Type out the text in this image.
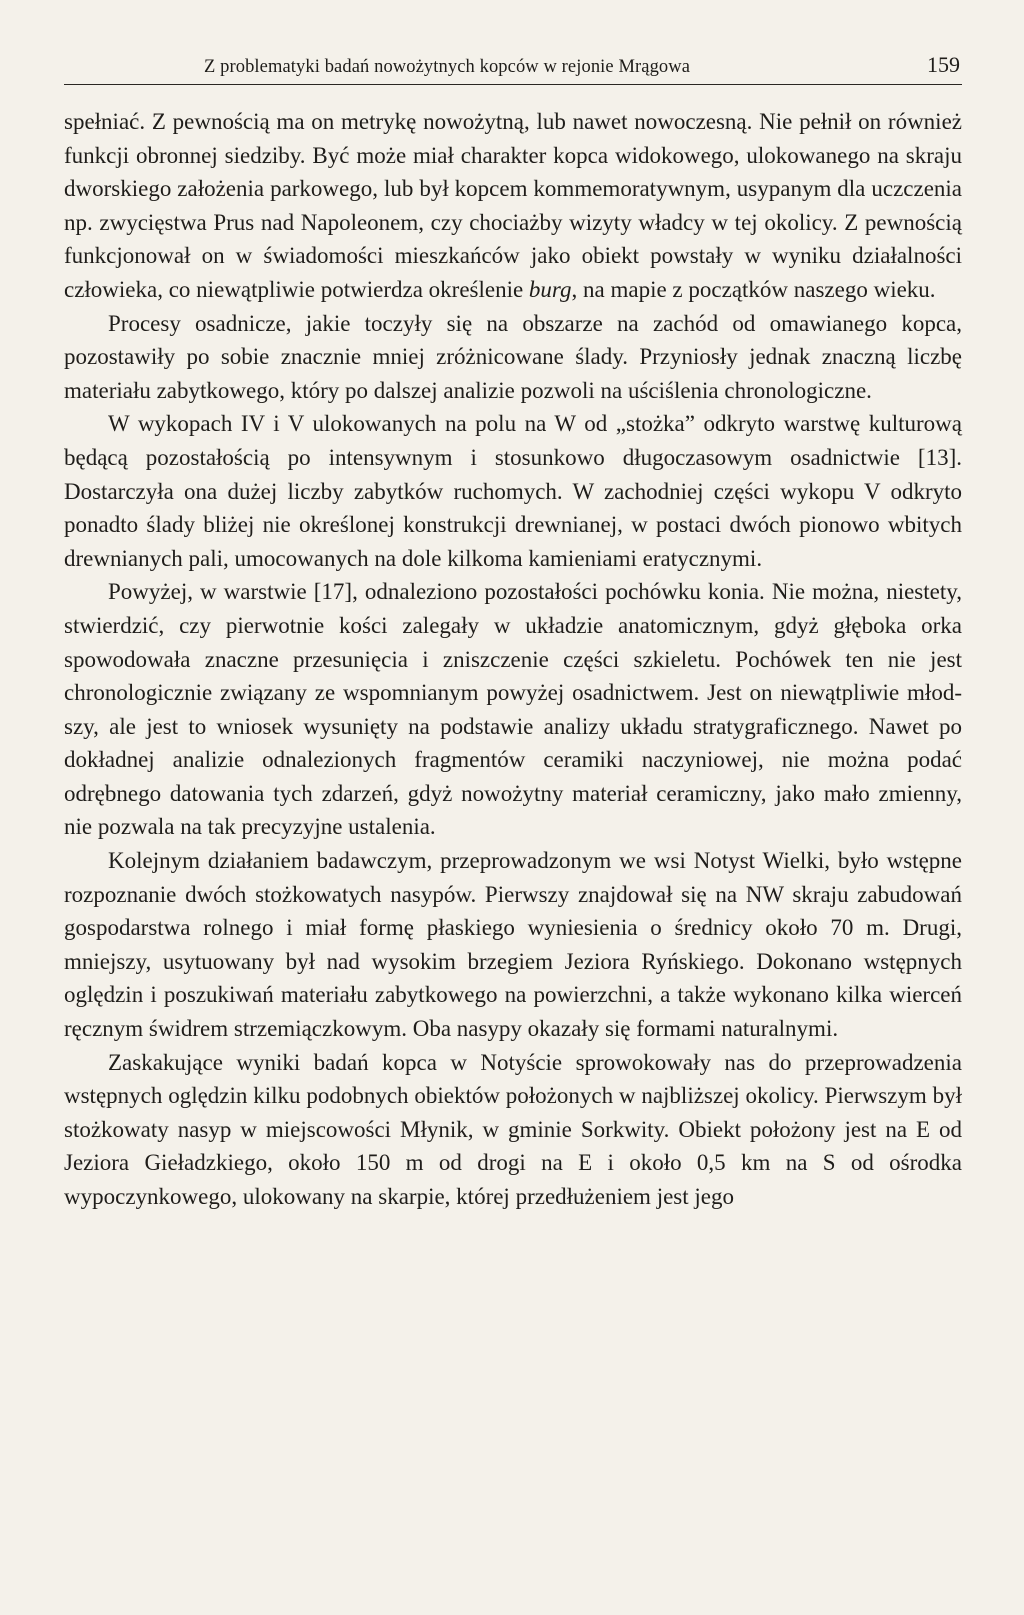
Z problematyki badań nowożytnych kopców w rejonie Mrągowa	159

spełniać. Z pewnością ma on metrykę nowożytną, lub nawet nowoczesną. Nie pełnił on również funkcji obronnej siedziby. Być może miał charakter kopca widokowego, ulokowanego na skraju dworskiego założenia parkowego, lub był kopcem kommemoratywnym, usypanym dla uczczenia np. zwycięstwa Prus nad Napoleonem, czy chociażby wizyty władcy w tej okolicy. Z pewnością funkcjonował on w świadomości mieszkańców jako obiekt powstały w wyniku działalności człowieka, co niewątpliwie potwierdza określenie burg, na mapie z początków naszego wieku.

Procesy osadnicze, jakie toczyły się na obszarze na zachód od omawianego kopca, pozostawiły po sobie znacznie mniej zróżnicowane ślady. Przyniosły jednak znaczną liczbę materiału zabytkowego, który po dalszej analizie pozwoli na uściślenia chronologiczne.

W wykopach IV i V ulokowanych na polu na W od „stożka” odkryto warstwę kulturową będącą pozostałością po intensywnym i stosunkowo długoczasowym osadnictwie [13]. Dostarczyła ona dużej liczby zabytków ruchomych. W zachodniej części wykopu V odkryto ponadto ślady bliżej nie określonej konstrukcji drewnianej, w postaci dwóch pionowo wbitych drewnianych pali, umocowanych na dole kilkoma kamieniami eratycznymi.

Powyżej, w warstwie [17], odnaleziono pozostałości pochówku konia. Nie można, niestety, stwierdzić, czy pierwotnie kości zalegały w układzie anatomicznym, gdyż głęboka orka spowodowała znaczne przesunięcia i zniszczenie części szkieletu. Pochówek ten nie jest chronologicznie związany ze wspomnianym powyżej osadnictwem. Jest on niewątpliwie młodszy, ale jest to wniosek wysunięty na podstawie analizy układu stratygraficznego. Nawet po dokładnej analizie odnalezionych fragmentów ceramiki naczyniowej, nie można podać odrębnego datowania tych zdarzeń, gdyż nowożytny materiał ceramiczny, jako mało zmienny, nie pozwala na tak precyzyjne ustalenia.

Kolejnym działaniem badawczym, przeprowadzonym we wsi Notyst Wielki, było wstępne rozpoznanie dwóch stożkowatych nasypów. Pierwszy znajdował się na NW skraju zabudowań gospodarstwa rolnego i miał formę płaskiego wyniesienia o średnicy około 70 m. Drugi, mniejszy, usytuowany był nad wysokim brzegiem Jeziora Ryńskiego. Dokonano wstępnych oględzin i poszukiwań materiału zabytkowego na powierzchni, a także wykonano kilka wierceń ręcznym świdrem strzemiączkowym. Oba nasypy okazały się formami naturalnymi.

Zaskakujące wyniki badań kopca w Notyście sprowokowały nas do przeprowadzenia wstępnych oględzin kilku podobnych obiektów położonych w najbliższej okolicy. Pierwszym był stożkowaty nasyp w miejscowości Młynik, w gminie Sorkwity. Obiekt położony jest na E od Jeziora Gieładzkiego, około 150 m od drogi na E i około 0,5 km na S od ośrodka wypoczynkowego, ulokowany na skarpie, której przedłużeniem jest jego
